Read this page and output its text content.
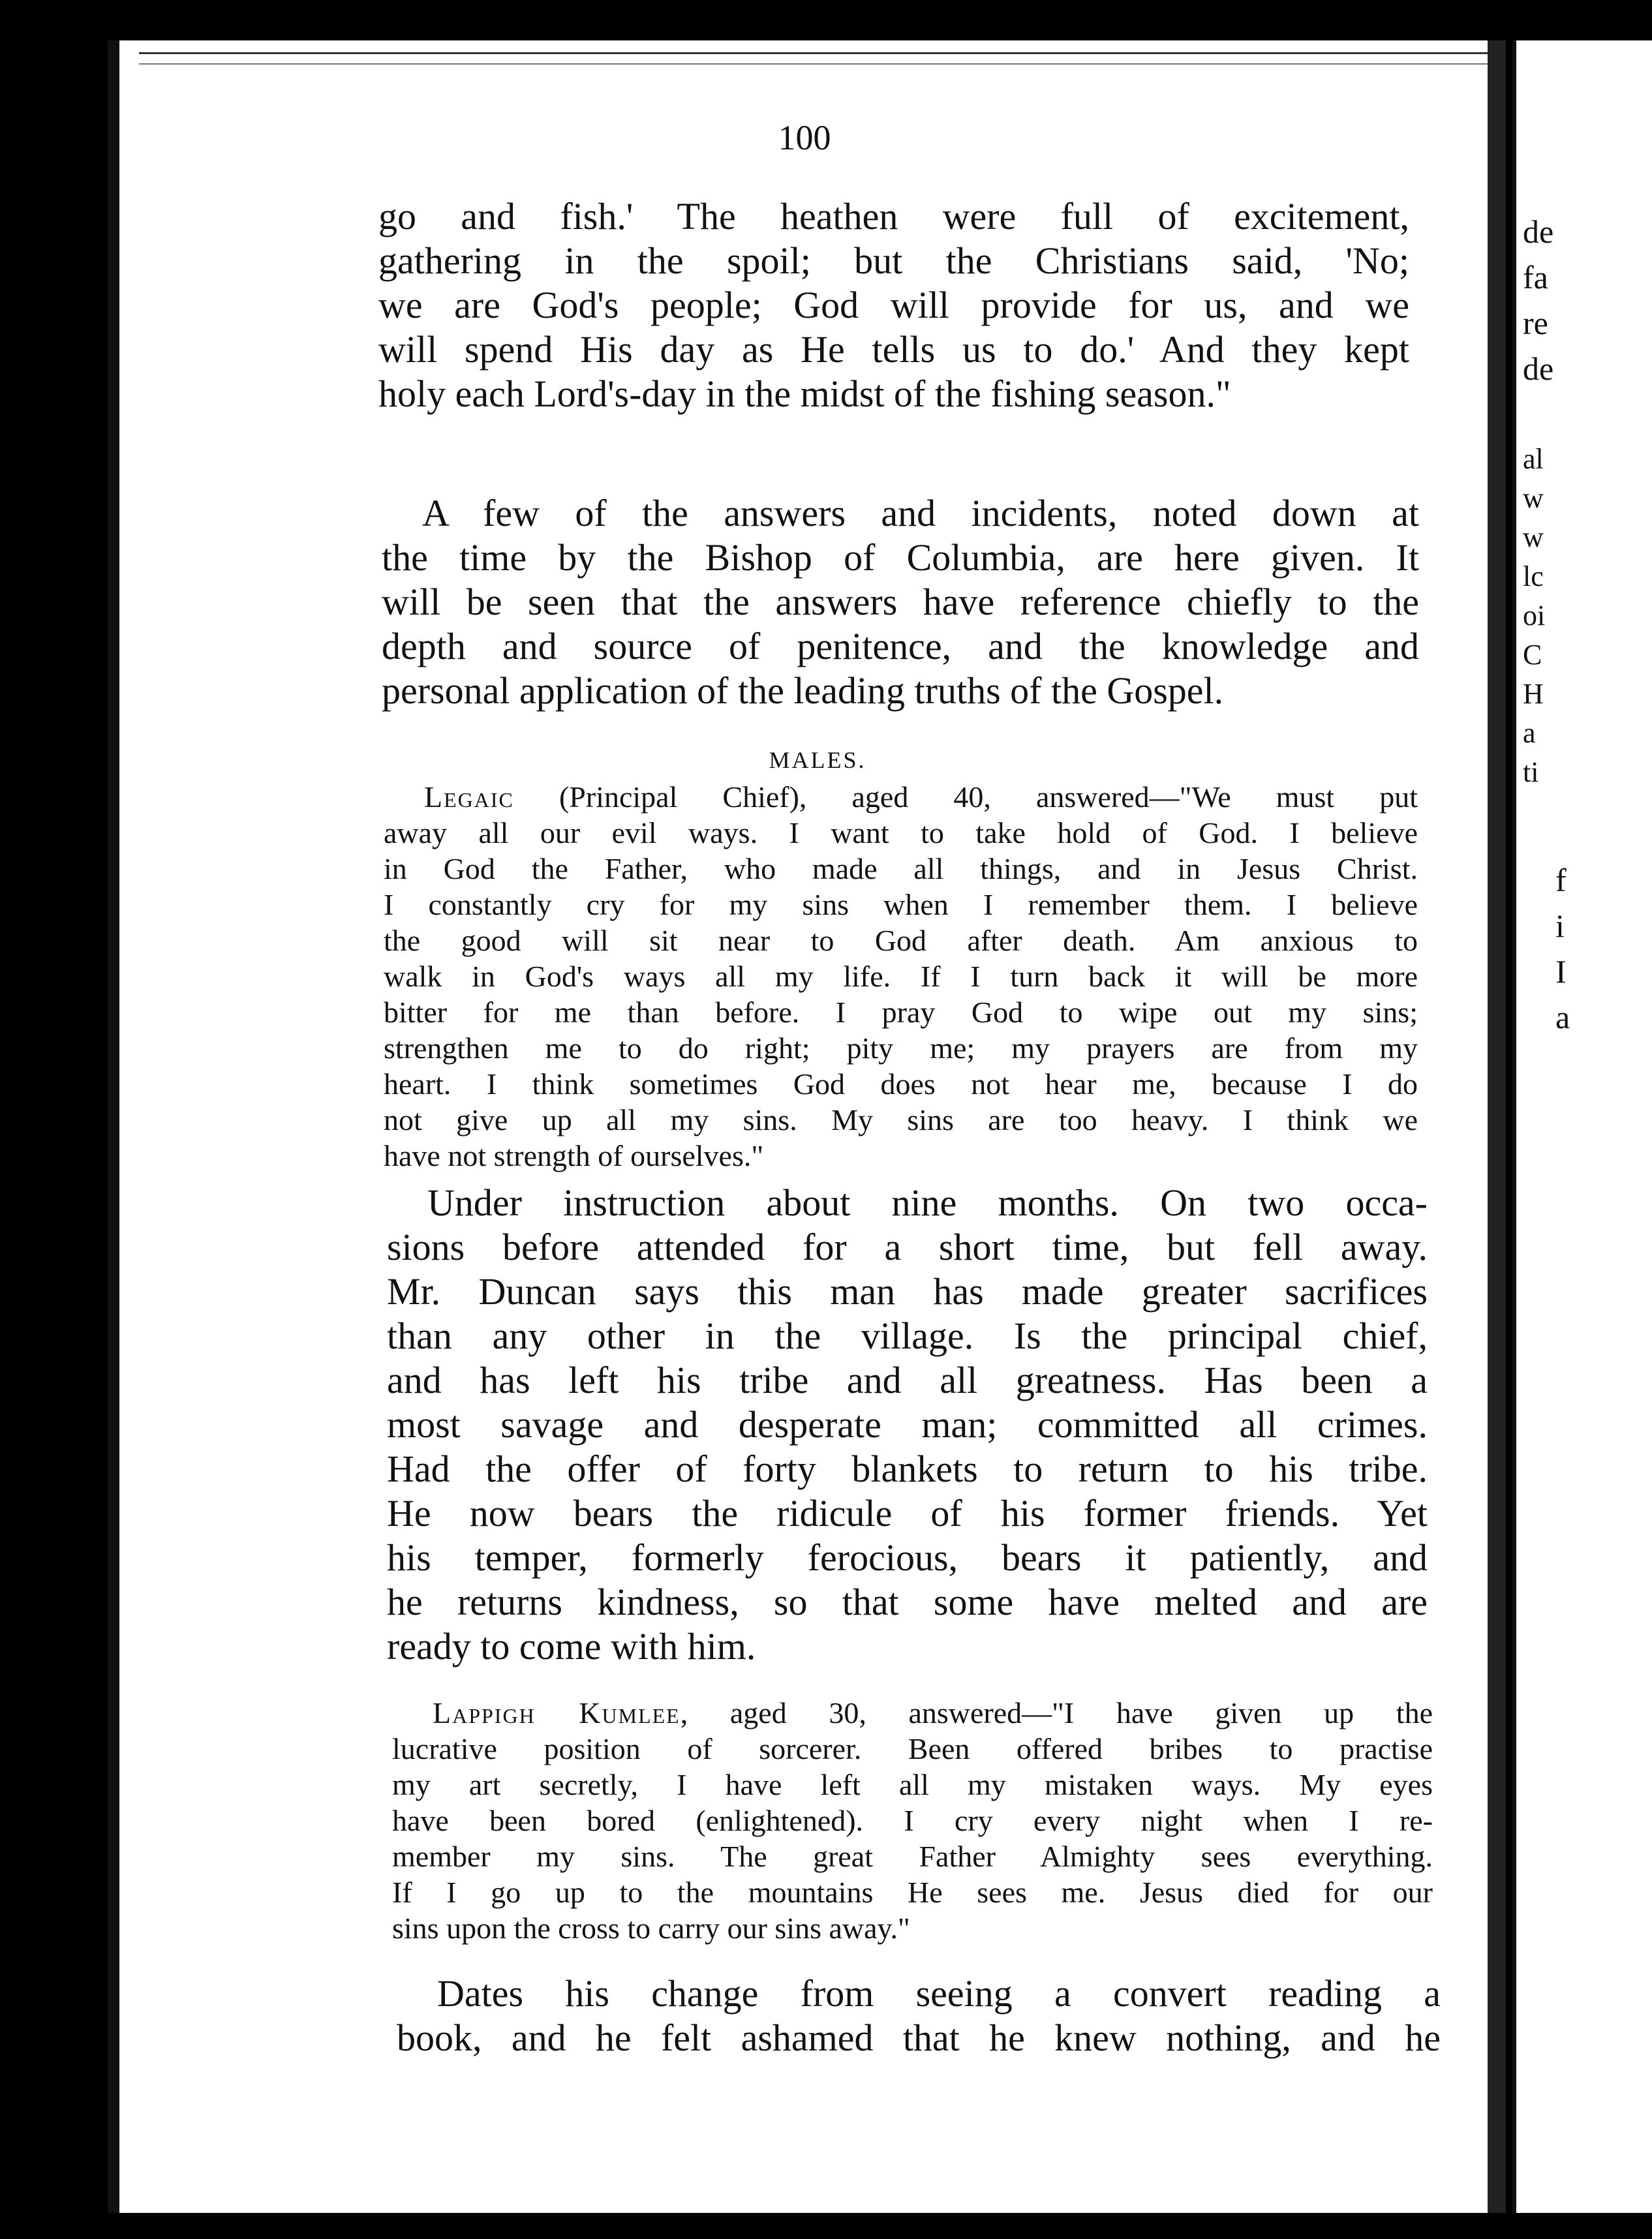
100
go and fish.' The heathen were full of excitement,
gathering in the spoil; but the Christians said, 'No;
we are God's people; God will provide for us, and we
will spend His day as He tells us to do.' And they kept
holy each Lord's-day in the midst of the fishing season."
A few of the answers and incidents, noted down at
the time by the Bishop of Columbia, are here given. It
will be seen that the answers have reference chiefly to the
depth and source of penitence, and the knowledge and
personal application of the leading truths of the Gospel.
MALES.
Legaic (Principal Chief), aged 40, answered—"We must put
away all our evil ways. I want to take hold of God. I believe
in God the Father, who made all things, and in Jesus Christ.
I constantly cry for my sins when I remember them. I believe
the good will sit near to God after death. Am anxious to
walk in God's ways all my life. If I turn back it will be more
bitter for me than before. I pray God to wipe out my sins;
strengthen me to do right; pity me; my prayers are from my
heart. I think sometimes God does not hear me, because I do
not give up all my sins. My sins are too heavy. I think we
have not strength of ourselves."
Under instruction about nine months. On two occa-
sions before attended for a short time, but fell away.
Mr. Duncan says this man has made greater sacrifices
than any other in the village. Is the principal chief,
and has left his tribe and all greatness. Has been a
most savage and desperate man; committed all crimes.
Had the offer of forty blankets to return to his tribe.
He now bears the ridicule of his former friends. Yet
his temper, formerly ferocious, bears it patiently, and
he returns kindness, so that some have melted and are
ready to come with him.
Lappigh Kumlee, aged 30, answered—"I have given up the
lucrative position of sorcerer. Been offered bribes to practise
my art secretly, I have left all my mistaken ways. My eyes
have been bored (enlightened). I cry every night when I re-
member my sins. The great Father Almighty sees everything.
If I go up to the mountains He sees me. Jesus died for our
sins upon the cross to carry our sins away."
Dates his change from seeing a convert reading a
book, and he felt ashamed that he knew nothing, and he
de
fa
re
de
al
w
w
lc
oi
C
H
a
ti
f
i
I
a
